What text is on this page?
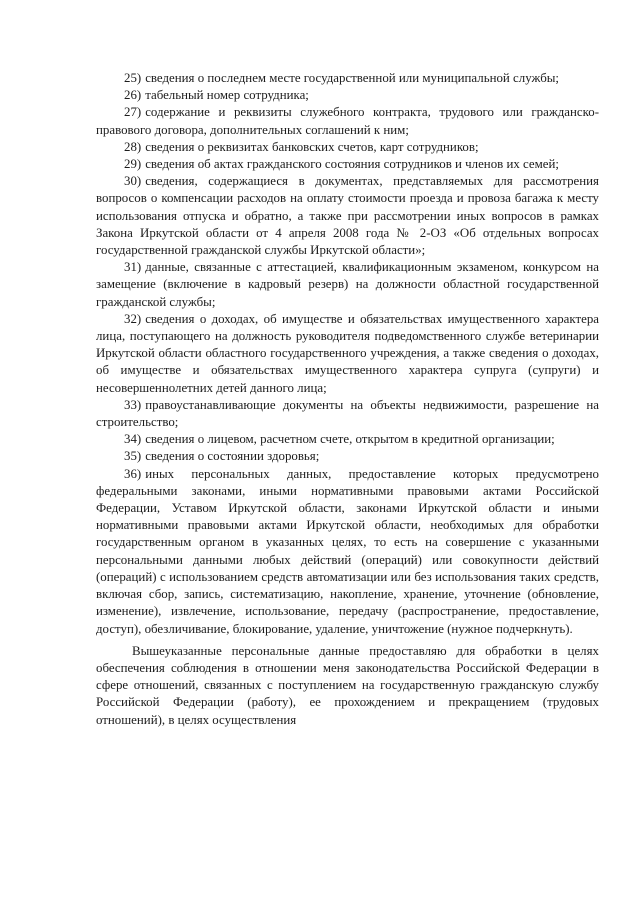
25) сведения о последнем месте государственной или муниципальной службы;

26) табельный номер сотрудника;

27) содержание и реквизиты служебного контракта, трудового или гражданско-правового договора, дополнительных соглашений к ним;

28) сведения о реквизитах банковских счетов, карт сотрудников;

29) сведения об актах гражданского состояния сотрудников и членов их семей;

30) сведения, содержащиеся в документах, представляемых для рассмотрения вопросов о компенсации расходов на оплату стоимости проезда и провоза багажа к месту использования отпуска и обратно, а также при рассмотрении иных вопросов в рамках Закона Иркутской области от 4 апреля 2008 года № 2-ОЗ «Об отдельных вопросах государственной гражданской службы Иркутской области»;

31) данные, связанные с аттестацией, квалификационным экзаменом, конкурсом на замещение (включение в кадровый резерв) на должности областной государственной гражданской службы;

32) сведения о доходах, об имуществе и обязательствах имущественного характера лица, поступающего на должность руководителя подведомственного службе ветеринарии Иркутской области областного государственного учреждения, а также сведения о доходах, об имуществе и обязательствах имущественного характера супруга (супруги) и несовершеннолетних детей данного лица;

33) правоустанавливающие документы на объекты недвижимости, разрешение на строительство;

34) сведения о лицевом, расчетном счете, открытом в кредитной организации;

35) сведения о состоянии здоровья;

36) иных персональных данных, предоставление которых предусмотрено федеральными законами, иными нормативными правовыми актами Российской Федерации, Уставом Иркутской области, законами Иркутской области и иными нормативными правовыми актами Иркутской области, необходимых для обработки государственным органом в указанных целях, то есть на совершение с указанными персональными данными любых действий (операций) или совокупности действий (операций) с использованием средств автоматизации или без использования таких средств, включая сбор, запись, систематизацию, накопление, хранение, уточнение (обновление, изменение), извлечение, использование, передачу (распространение, предоставление, доступ), обезличивание, блокирование, удаление, уничтожение (нужное подчеркнуть).

Вышеуказанные персональные данные предоставляю для обработки в целях обеспечения соблюдения в отношении меня законодательства Российской Федерации в сфере отношений, связанных с поступлением на государственную гражданскую службу Российской Федерации (работу), ее прохождением и прекращением (трудовых отношений), в целях осуществления
